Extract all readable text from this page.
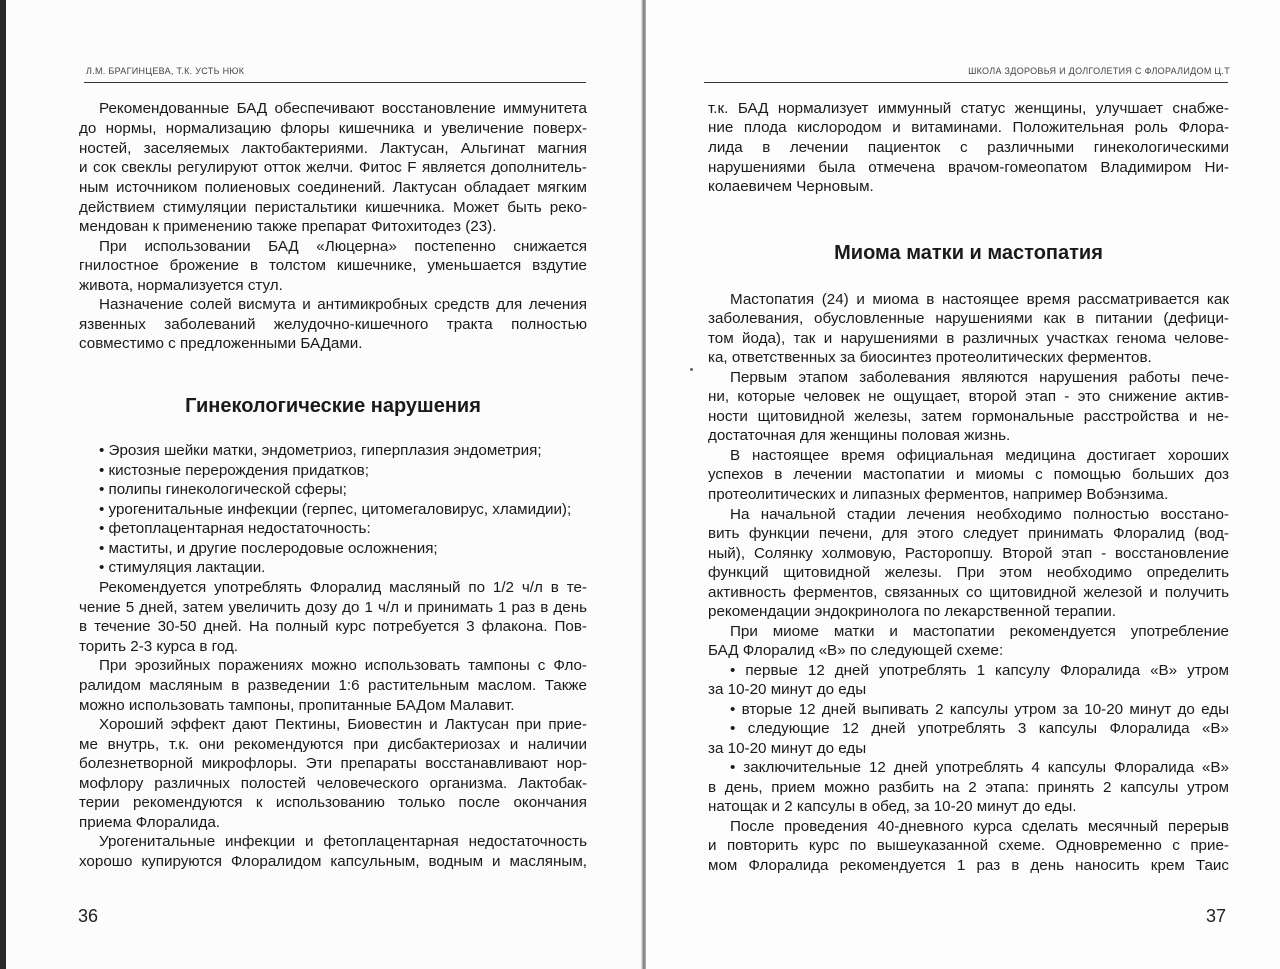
Л.М. БРАГИНЦЕВА, Т.К. УСТЬ НЮК
36
Рекомендованные БАД обеспечивают восстановление иммунитета
до нормы, нормализацию флоры кишечника и увеличение поверх-
ностей, заселяемых лактобактериями. Лактусан, Альгинат магния
и сок свеклы регулируют отток желчи. Фитос F является дополнитель-
ным источником полиеновых соединений. Лактусан обладает мягким
действием стимуляции перистальтики кишечника. Может быть реко-
мендован к применению также препарат Фитохитодез (23).
При использовании БАД «Люцерна» постепенно снижается
гнилостное брожение в толстом кишечнике, уменьшается вздутие
живота, нормализуется стул.
Назначение солей висмута и антимикробных средств для лечения
язвенных заболеваний желудочно-кишечного тракта полностью
совместимо с предложенными БАДами.
Гинекологические нарушения
• Эрозия шейки матки, эндометриоз, гиперплазия эндометрия;
• кистозные перерождения придатков;
• полипы гинекологической сферы;
• урогенитальные инфекции (герпес, цитомегаловирус, хламидии);
• фетоплацентарная недостаточность:
• маститы, и другие послеродовые осложнения;
• стимуляция лактации.
Рекомендуется употреблять Флоралид масляный по 1/2 ч/л в те-
чение 5 дней, затем увеличить дозу до 1 ч/л и принимать 1 раз в день
в течение 30-50 дней. На полный курс потребуется 3 флакона. Пов-
торить 2-3 курса в год.
При эрозийных поражениях можно использовать тампоны с Фло-
ралидом масляным в разведении 1:6 растительным маслом. Также
можно использовать тампоны, пропитанные БАДом Малавит.
Хороший эффект дают Пектины, Биовестин и Лактусан при прие-
ме внутрь, т.к. они рекомендуются при дисбактериозах и наличии
болезнетворной микрофлоры. Эти препараты восстанавливают нор-
мофлору различных полостей человеческого организма. Лактобак-
терии рекомендуются к использованию только после окончания
приема Флоралида.
Урогенитальные инфекции и фетоплацентарная недостаточность
хорошо купируются Флоралидом капсульным, водным и масляным,
ШКОЛА ЗДОРОВЬЯ И ДОЛГОЛЕТИЯ С ФЛОРАЛИДОМ Ц.Т
37
т.к. БАД нормализует иммунный статус женщины, улучшает снабже-
ние плода кислородом и витаминами. Положительная роль Флора-
лида в лечении пациенток с различными гинекологическими
нарушениями была отмечена врачом-гомеопатом Владимиром Ни-
колаевичем Черновым.
Миома матки и мастопатия
Мастопатия (24) и миома в настоящее время рассматривается как
заболевания, обусловленные нарушениями как в питании (дефици-
том йода), так и нарушениями в различных участках генома челове-
ка, ответственных за биосинтез протеолитических ферментов.
Первым этапом заболевания являются нарушения работы пече-
ни, которые человек не ощущает, второй этап - это снижение актив-
ности щитовидной железы, затем гормональные расстройства и не-
достаточная для женщины половая жизнь.
В настоящее время официальная медицина достигает хороших
успехов в лечении мастопатии и миомы с помощью больших доз
протеолитических и липазных ферментов, например Вобэнзима.
На начальной стадии лечения необходимо полностью восстано-
вить функции печени, для этого следует принимать Флоралид (вод-
ный), Солянку холмовую, Расторопшу. Второй этап - восстановление
функций щитовидной железы. При этом необходимо определить
активность ферментов, связанных со щитовидной железой и получить
рекомендации эндокринолога по лекарственной терапии.
При миоме матки и мастопатии рекомендуется употребление
БАД Флоралид «В» по следующей схеме:
• первые 12 дней употреблять 1 капсулу Флоралида «В» утром
за 10-20 минут до еды
• вторые 12 дней выпивать 2 капсулы утром за 10-20 минут до еды
• следующие 12 дней употреблять 3 капсулы Флоралида «В»
за 10-20 минут до еды
• заключительные 12 дней употреблять 4 капсулы Флоралида «В»
в день, прием можно разбить на 2 этапа: принять 2 капсулы утром
натощак и 2 капсулы в обед, за 10-20 минут до еды.
После проведения 40-дневного курса сделать месячный перерыв
и повторить курс по вышеуказанной схеме. Одновременно с прие-
мом Флоралида рекомендуется 1 раз в день наносить крем Таис
